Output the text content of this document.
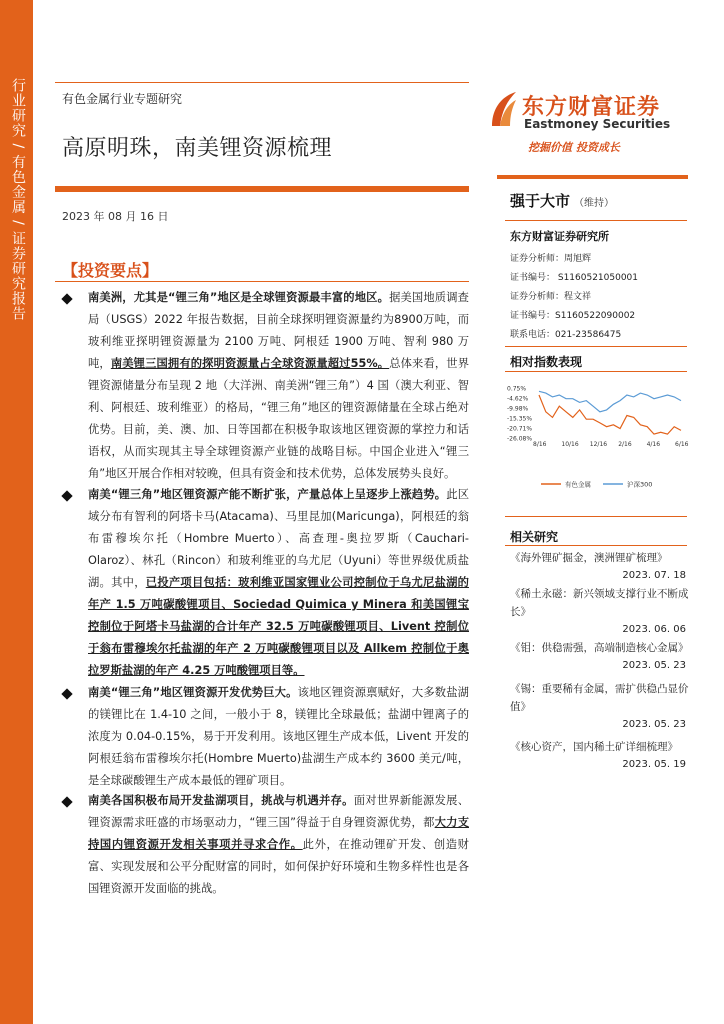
行业研究 / 有色金属 / 证券研究报告	有色金属行业专题研究
高原明珠，南美锂资源梳理
2023 年 08 月 16 日
东方财富证券
Eastmoney Securities
挖掘价值 投资成长
强于大市 （维持）
东方财富证券研究所
证券分析师：周旭辉
证书编号： S1160521050001
证券分析师：程文祥
证书编号：S1160522090002
联系电话：021-23586475
相对指数表现
0.75%
-4.62%
-9.98%
-15.35%
-20.71%
-26.08%
8/16 10/16 12/16 2/16 4/16 6/16
有色金属	沪深300
相关研究
《海外锂矿掘金，澳洲锂矿梳理》
2023. 07. 18
《稀土永磁：新兴领域支撑行业不断成长》
2023. 06. 06
《钼：供稳需强，高端制造核心金属》
2023. 05. 23
《锡：重要稀有金属，需扩供稳凸显价值》
2023. 05. 23
《核心资产，国内稀土矿详细梳理》
2023. 05. 19
【投资要点】
南美洲，尤其是“锂三角”地区是全球锂资源最丰富的地区。据美国地质调查局（USGS）2022 年报告数据，目前全球探明锂资源量约为8900万吨，而玻利维亚探明锂资源量为 2100 万吨、阿根廷 1900 万吨、智利 980 万吨，南美锂三国拥有的探明资源量占全球资源量超过55%。总体来看，世界锂资源储量分布呈现 2 地（大洋洲、南美洲“锂三角”）4 国（澳大利亚、智利、阿根廷、玻利维亚）的格局，“锂三角”地区的锂资源储量在全球占绝对优势。目前，美、澳、加、日等国都在积极争取该地区锂资源的掌控力和话语权，从而实现其主导全球锂资源产业链的战略目标。中国企业进入“锂三角”地区开展合作相对较晚，但具有资金和技术优势，总体发展势头良好。
南美“锂三角”地区锂资源产能不断扩张，产量总体上呈逐步上涨趋势。此区域分布有智利的阿塔卡马(Atacama)、马里昆加(Maricunga)，阿根廷的翁布雷穆埃尔托（Hombre Muerto）、高查理-奥拉罗斯（Cauchari-Olaroz）、林孔（Rincon）和玻利维亚的乌尤尼（Uyuni）等世界级优质盐湖。其中，已投产项目包括：玻利维亚国家锂业公司控制位于乌尤尼盐湖的年产 1.5 万吨碳酸锂项目、Sociedad Quimica y Minera 和美国锂宝控制位于阿塔卡马盐湖的合计年产 32.5 万吨碳酸锂项目、Livent 控制位于翁布雷穆埃尔托盐湖的年产 2 万吨碳酸锂项目以及 Allkem 控制位于奥拉罗斯盐湖的年产 4.25 万吨酸锂项目等。
南美“锂三角”地区锂资源开发优势巨大。该地区锂资源禀赋好，大多数盐湖的镁锂比在 1.4-10 之间，一般小于 8，镁锂比全球最低；盐湖中锂离子的浓度为 0.04-0.15%，易于开发利用。该地区锂生产成本低，Livent 开发的阿根廷翁布雷穆埃尔托(Hombre Muerto)盐湖生产成本约 3600 美元/吨，是全球碳酸锂生产成本最低的锂矿项目。
南美各国积极布局开发盐湖项目，挑战与机遇并存。面对世界新能源发展、锂资源需求旺盛的市场驱动力，“锂三国”得益于自身锂资源优势，都大力支持国内锂资源开发相关事项并寻求合作。此外，在推动锂矿开发、创造财富、实现发展和公平分配财富的同时，如何保护好环境和生物多样性也是各国锂资源开发面临的挑战。
